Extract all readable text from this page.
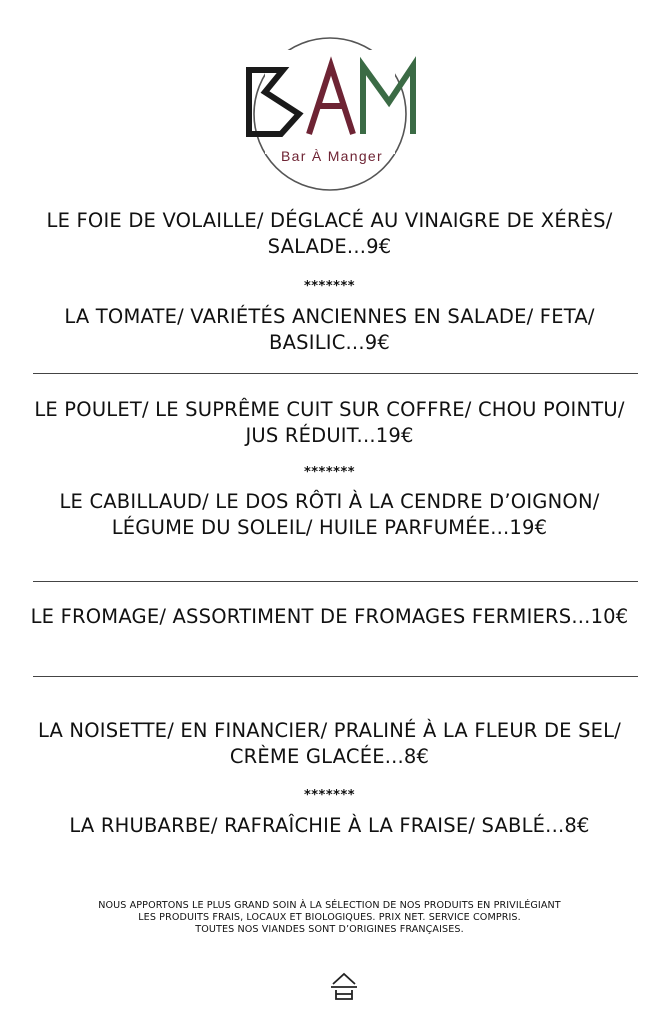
Bar À Manger
LE FOIE DE VOLAILLE/ DÉGLACÉ AU VINAIGRE DE XÉRÈS/ SALADE...9€
*******
LA TOMATE/ VARIÉTÉS ANCIENNES EN SALADE/ FETA/ BASILIC...9€
LE POULET/ LE SUPRÊME CUIT SUR COFFRE/ CHOU POINTU/ JUS RÉDUIT...19€
*******
LE CABILLAUD/ LE DOS RÔTI À LA CENDRE D’OIGNON/ LÉGUME DU SOLEIL/ HUILE PARFUMÉE...19€
LE FROMAGE/ ASSORTIMENT DE FROMAGES FERMIERS...10€
LA NOISETTE/ EN FINANCIER/ PRALINÉ À LA FLEUR DE SEL/ CRÈME GLACÉE...8€
*******
LA RHUBARBE/ RAFRAÎCHIE À LA FRAISE/ SABLÉ...8€
NOUS APPORTONS LE PLUS GRAND SOIN À LA SÉLECTION DE NOS PRODUITS EN PRIVILÉGIANT
LES PRODUITS FRAIS, LOCAUX ET BIOLOGIQUES. PRIX NET. SERVICE COMPRIS.
TOUTES NOS VIANDES SONT D’ORIGINES FRANÇAISES.
